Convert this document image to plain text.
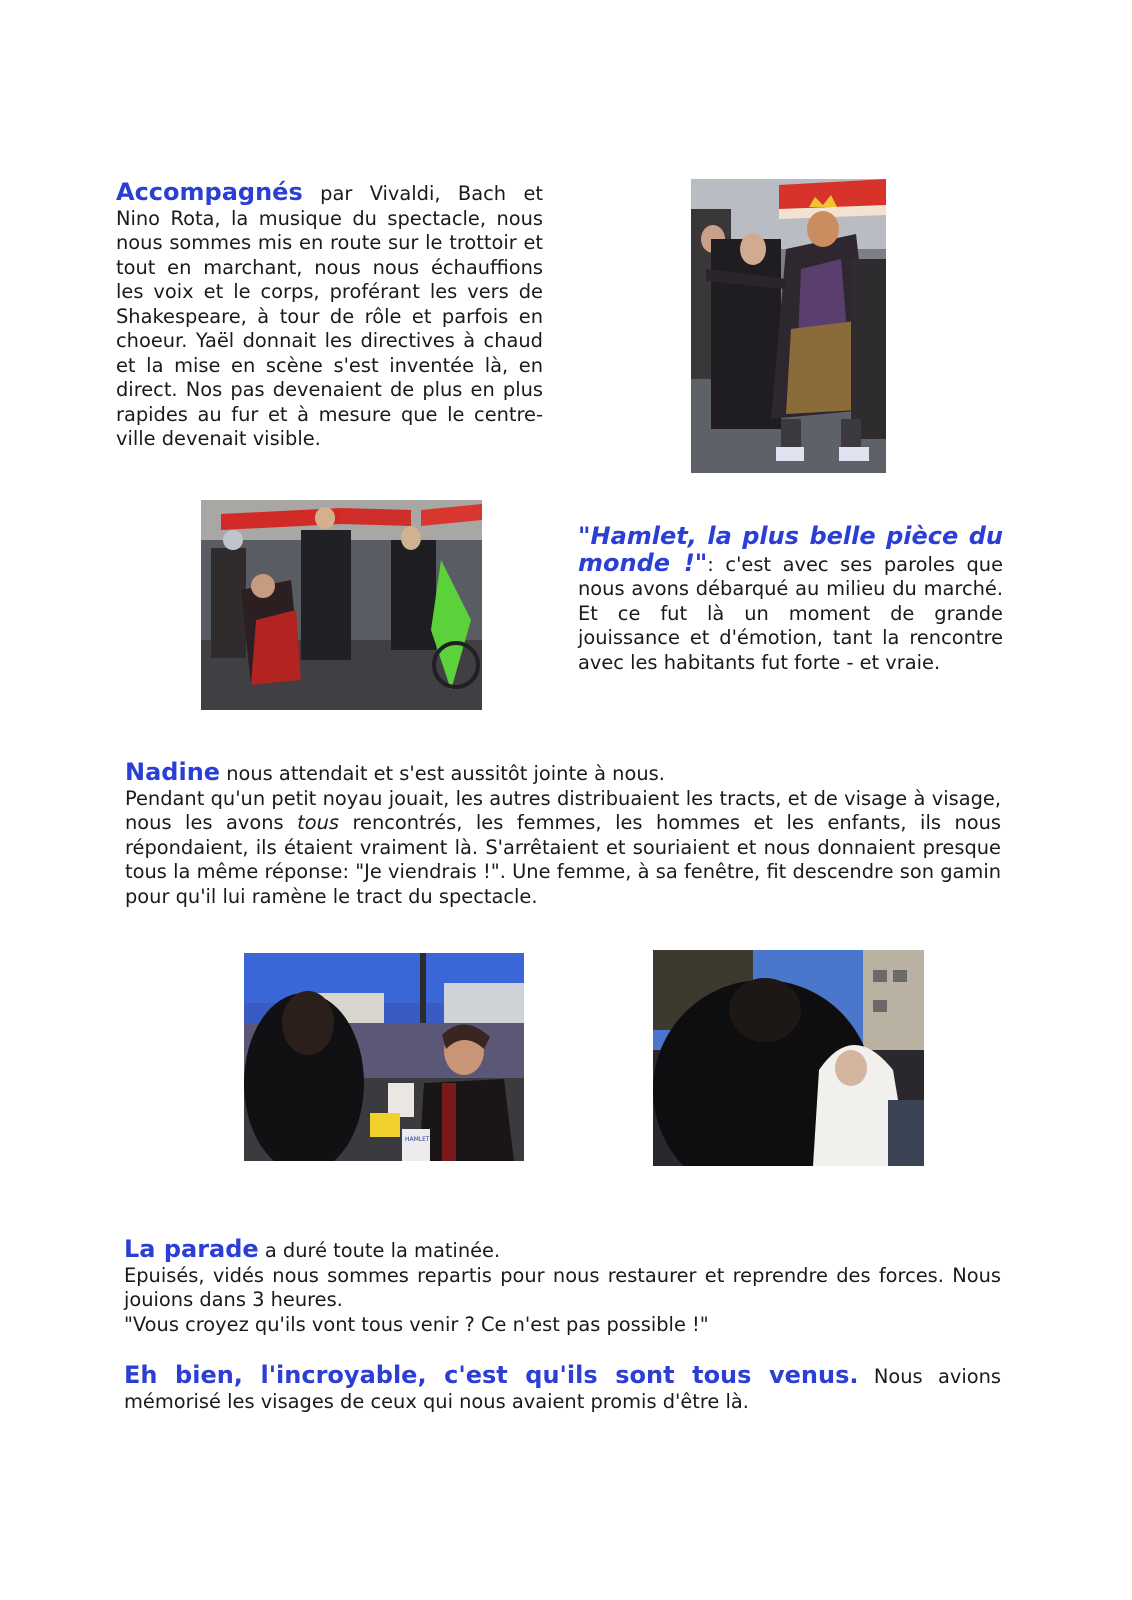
Accompagnés par Vivaldi, Bach et Nino Rota, la musique du spectacle, nous nous sommes mis en route sur le trottoir et tout en marchant, nous nous échauffions les voix et le corps, proférant les vers de Shakespeare, à tour de rôle et parfois en choeur. Yaël donnait les directives à chaud et la mise en scène s'est inventée là, en direct. Nos pas devenaient de plus en plus rapides au fur et à mesure que le centre-ville devenait visible.
"Hamlet, la plus belle pièce du monde !": c'est avec ses paroles que nous avons débarqué au milieu du marché. Et ce fut là un moment de grande jouissance et d'émotion, tant la rencontre avec les habitants fut forte - et vraie.
Nadine nous attendait et s'est aussitôt jointe à nous.
Pendant qu'un petit noyau jouait, les autres distribuaient les tracts, et de visage à visage, nous les avons tous rencontrés, les femmes, les hommes et les enfants, ils nous répondaient, ils étaient vraiment là. S'arrêtaient et souriaient et nous donnaient presque tous la même réponse: "Je viendrais !". Une femme, à sa fenêtre, fit descendre son gamin pour qu'il lui ramène le tract du spectacle.
HAMLET
La parade a duré toute la matinée.
Epuisés, vidés nous sommes repartis pour nous restaurer et reprendre des forces. Nous jouions dans 3 heures.
"Vous croyez qu'ils vont tous venir ? Ce n'est pas possible !"
Eh bien, l'incroyable, c'est qu'ils sont tous venus. Nous avions mémorisé les visages de ceux qui nous avaient promis d'être là.
